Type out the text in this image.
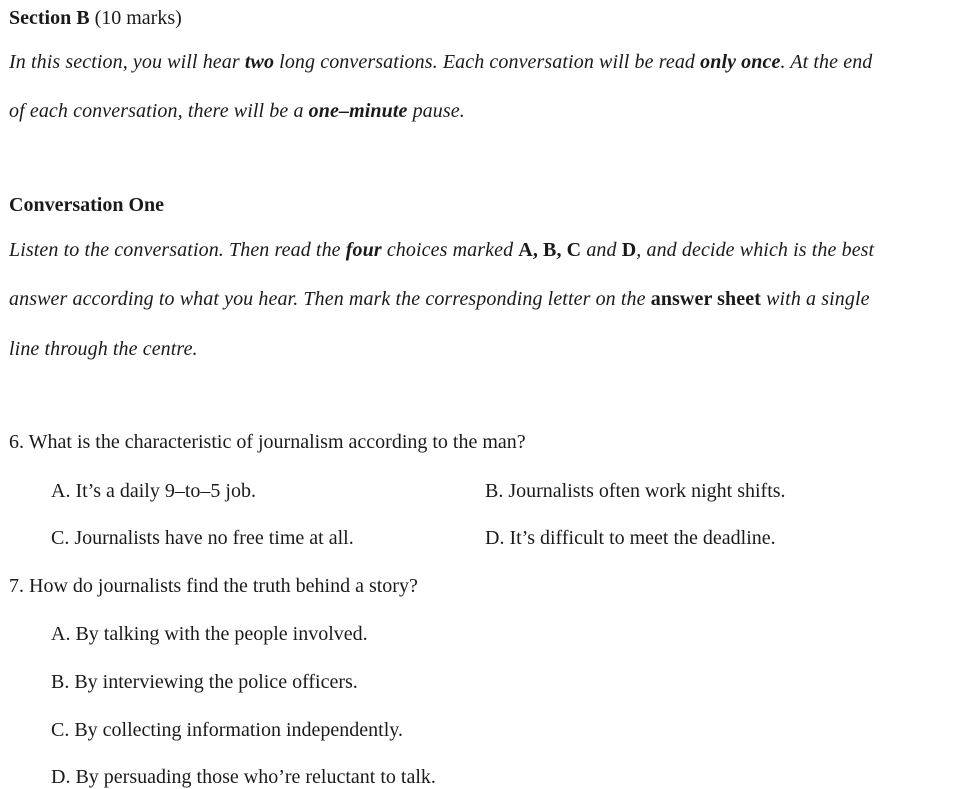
Section B (10 marks)
In this section, you will hear two long conversations. Each conversation will be read only once. At the end
of each conversation, there will be a one–minute pause.
Conversation One
Listen to the conversation. Then read the four choices marked A, B, C and D, and decide which is the best
answer according to what you hear. Then mark the corresponding letter on the answer sheet with a single
line through the centre.
6. What is the characteristic of journalism according to the man?
A. It’s a daily 9–to–5 job.	B. Journalists often work night shifts.
C. Journalists have no free time at all.	D. It’s difficult to meet the deadline.
7. How do journalists find the truth behind a story?
A. By talking with the people involved.
B. By interviewing the police officers.
C. By collecting information independently.
D. By persuading those who’re reluctant to talk.
